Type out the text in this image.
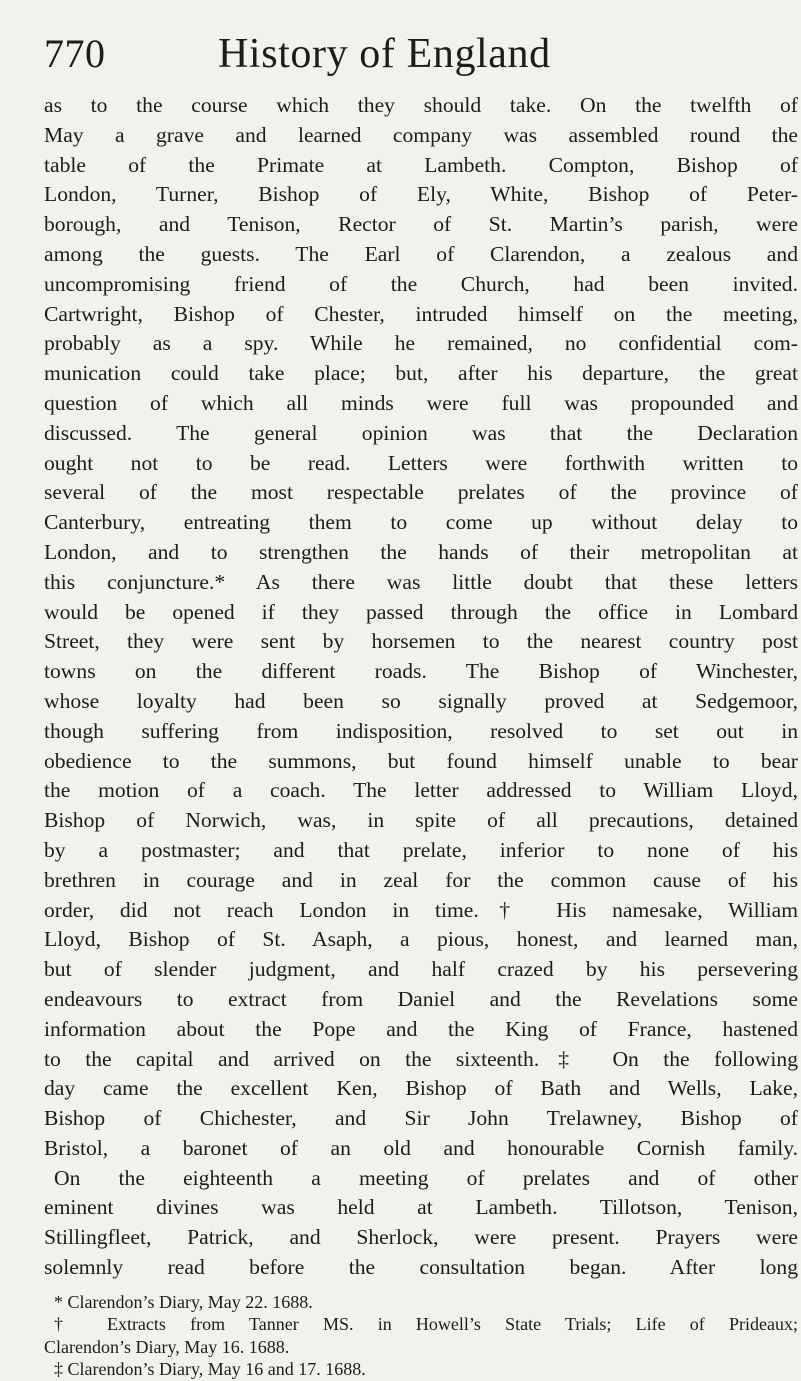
770	History of England
as to the course which they should take. On the twelfth of
May a grave and learned company was assembled round the
table of the Primate at Lambeth. Compton, Bishop of
London, Turner, Bishop of Ely, White, Bishop of Peter-
borough, and Tenison, Rector of St. Martin’s parish, were
among the guests. The Earl of Clarendon, a zealous and
uncompromising friend of the Church, had been invited.
Cartwright, Bishop of Chester, intruded himself on the meeting,
probably as a spy. While he remained, no confidential com-
munication could take place; but, after his departure, the great
question of which all minds were full was propounded and
discussed. The general opinion was that the Declaration
ought not to be read. Letters were forthwith written to
several of the most respectable prelates of the province of
Canterbury, entreating them to come up without delay to
London, and to strengthen the hands of their metropolitan at
this conjuncture.* As there was little doubt that these letters
would be opened if they passed through the office in Lombard
Street, they were sent by horsemen to the nearest country post
towns on the different roads. The Bishop of Winchester,
whose loyalty had been so signally proved at Sedgemoor,
though suffering from indisposition, resolved to set out in
obedience to the summons, but found himself unable to bear
the motion of a coach. The letter addressed to William Lloyd,
Bishop of Norwich, was, in spite of all precautions, detained
by a postmaster; and that prelate, inferior to none of his
brethren in courage and in zeal for the common cause of his
order, did not reach London in time.† His namesake, William
Lloyd, Bishop of St. Asaph, a pious, honest, and learned man,
but of slender judgment, and half crazed by his persevering
endeavours to extract from Daniel and the Revelations some
information about the Pope and the King of France, hastened
to the capital and arrived on the sixteenth.‡ On the following
day came the excellent Ken, Bishop of Bath and Wells, Lake,
Bishop of Chichester, and Sir John Trelawney, Bishop of
Bristol, a baronet of an old and honourable Cornish family.
On the eighteenth a meeting of prelates and of other
eminent divines was held at Lambeth. Tillotson, Tenison,
Stillingfleet, Patrick, and Sherlock, were present. Prayers were
solemnly read before the consultation began. After long
* Clarendon’s Diary, May 22. 1688.
† Extracts from Tanner MS. in Howell’s State Trials; Life of Prideaux;
Clarendon’s Diary, May 16. 1688.
‡ Clarendon’s Diary, May 16 and 17. 1688.
